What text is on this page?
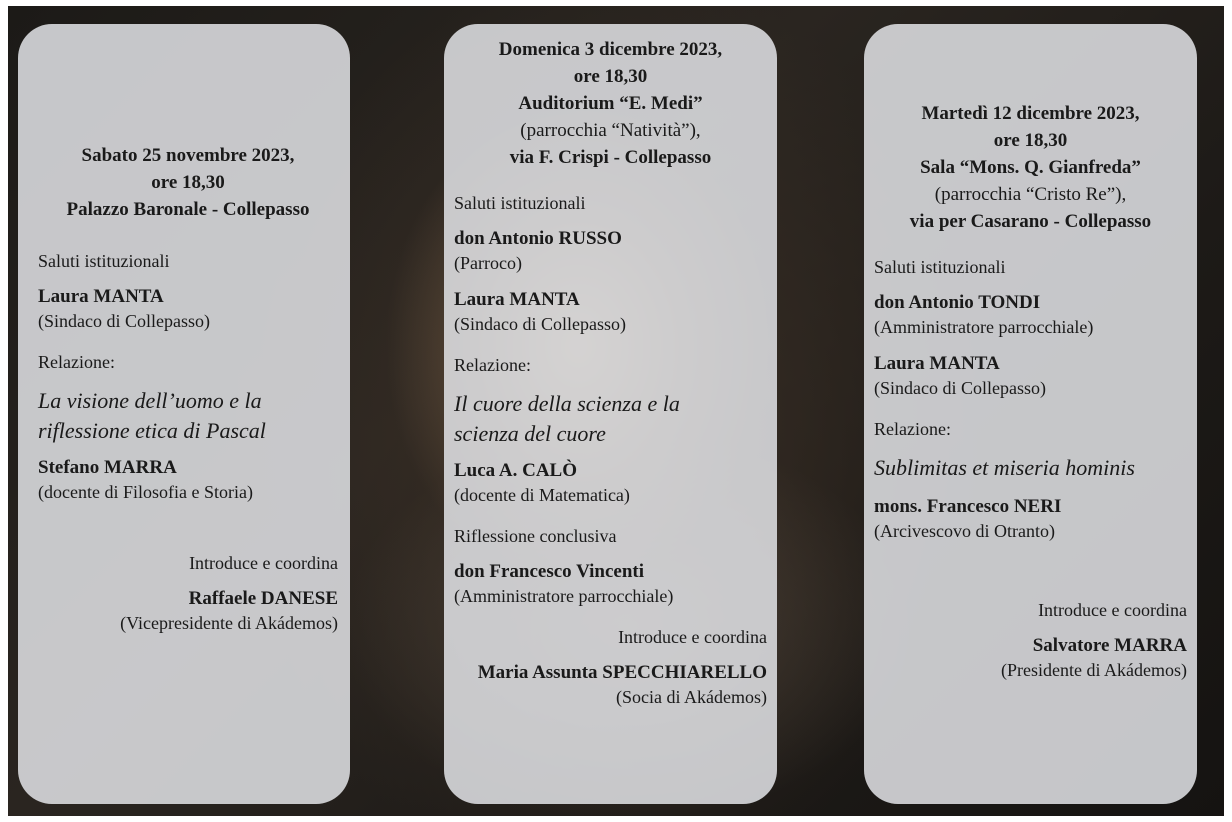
Sabato 25 novembre 2023,
ore 18,30
Palazzo Baronale - Collepasso
Saluti istituzionali
Laura MANTA
(Sindaco di Collepasso)
Relazione:
La visione dell’uomo e la
riflessione etica di Pascal
Stefano MARRA
(docente di Filosofia e Storia)
Introduce e coordina
Raffaele DANESE
(Vicepresidente di Akádemos)
Domenica 3 dicembre 2023,
ore 18,30
Auditorium “E. Medi”
(parrocchia “Natività”),
via F. Crispi - Collepasso
Saluti istituzionali
don Antonio RUSSO
(Parroco)
Laura MANTA
(Sindaco di Collepasso)
Relazione:
Il cuore della scienza e la
scienza del cuore
Luca A. CALÒ
(docente di Matematica)
Riflessione conclusiva
don Francesco Vincenti
(Amministratore parrocchiale)
Introduce e coordina
Maria Assunta SPECCHIARELLO
(Socia di Akádemos)
Martedì 12 dicembre 2023,
ore 18,30
Sala “Mons. Q. Gianfreda”
(parrocchia “Cristo Re”),
via per Casarano - Collepasso
Saluti istituzionali
don Antonio TONDI
(Amministratore parrocchiale)
Laura MANTA
(Sindaco di Collepasso)
Relazione:
Sublimitas et miseria hominis
mons. Francesco NERI
(Arcivescovo di Otranto)
Introduce e coordina
Salvatore MARRA
(Presidente di Akádemos)
